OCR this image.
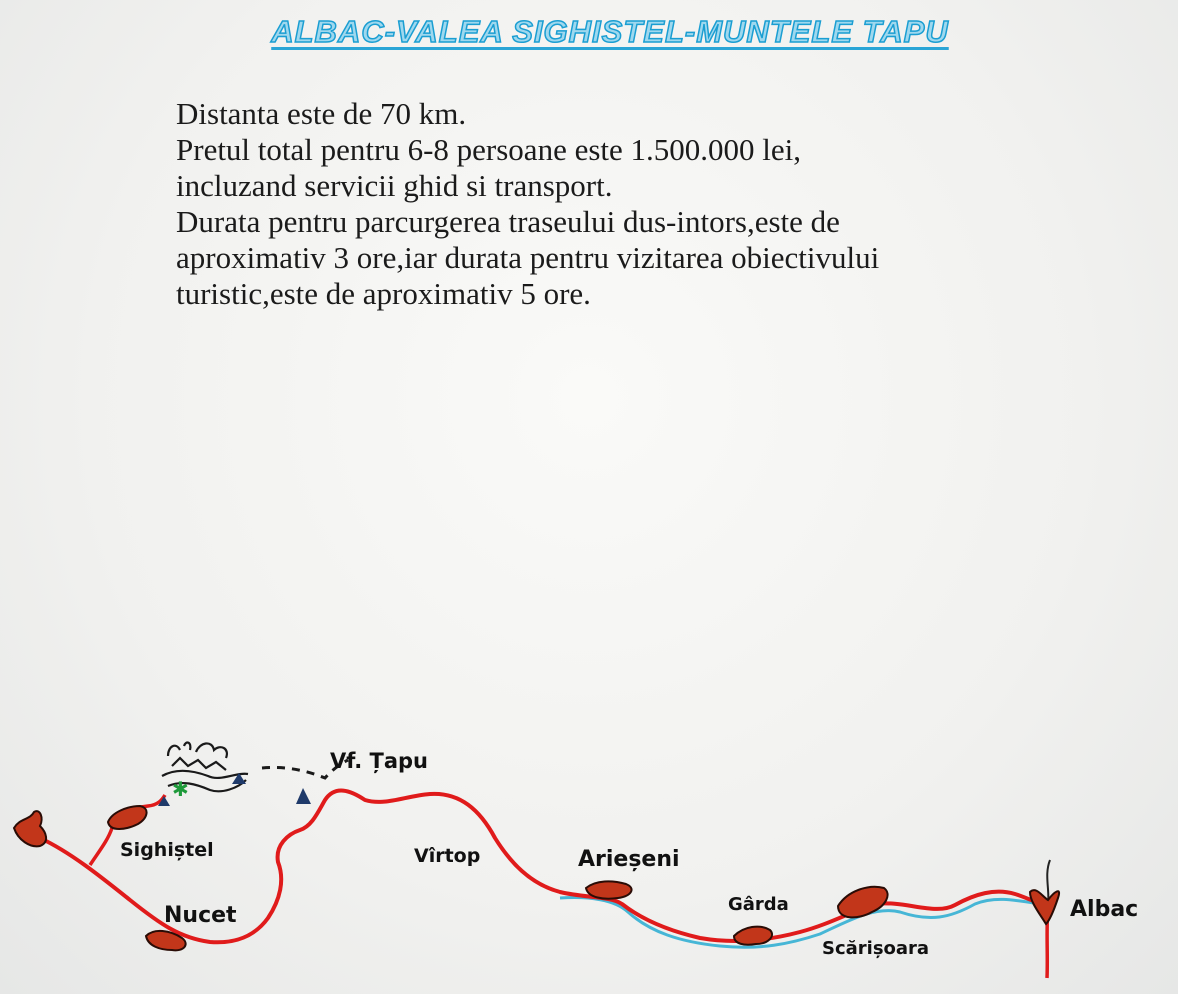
ALBAC-VALEA SIGHISTEL-MUNTELE TAPU
Distanta este de 70 km.
Pretul total pentru 6-8 persoane este 1.500.000 lei,
incluzand servicii ghid si transport.
Durata pentru parcurgerea traseului dus-intors,este de
aproximativ 3 ore,iar durata pentru vizitarea obiectivului
turistic,este de aproximativ 5 ore.
✱
Sighiștel
Nucet
Vf. Țapu
Vîrtop	Arieșeni
Gârda
Scărișoara
Albac
